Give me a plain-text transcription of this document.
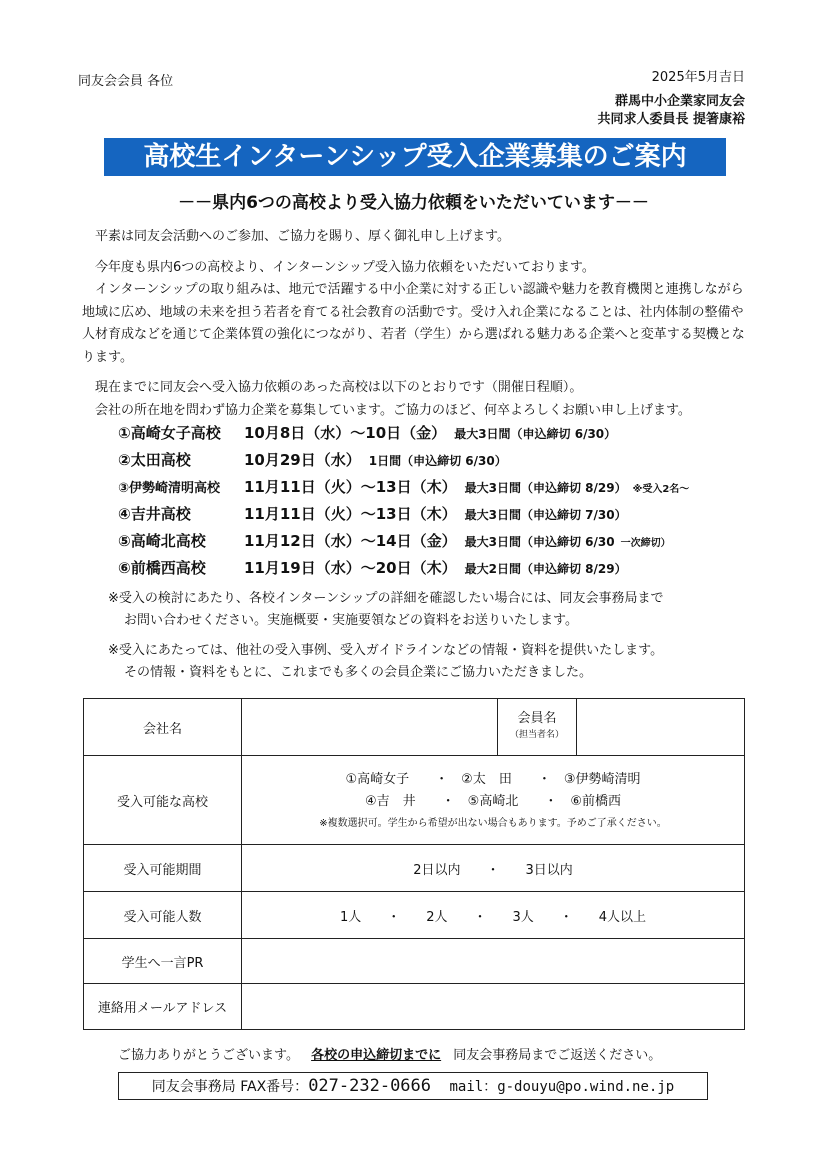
同友会会員 各位	2025年5月吉日
群馬中小企業家同友会
共同求人委員長 提箸康裕
高校生インターンシップ受入企業募集のご案内
－－県内6つの高校より受入協力依頼をいただいています－－

平素は同友会活動へのご参加、ご協力を賜り、厚く御礼申し上げます。

今年度も県内6つの高校より、インターンシップ受入協力依頼をいただいております。

インターンシップの取り組みは、地元で活躍する中小企業に対する正しい認識や魅力を教育機関と連携しながら地域に広め、地域の未来を担う若者を育てる社会教育の活動です。受け入れ企業になることは、社内体制の整備や人材育成などを通じて企業体質の強化につながり、若者（学生）から選ばれる魅力ある企業へと変革する契機となります。

現在までに同友会へ受入協力依頼のあった高校は以下のとおりです（開催日程順）。

会社の所在地を問わず協力企業を募集しています。ご協力のほど、何卒よろしくお願い申し上げます。

①高崎女子高校 10月8日（水）～10日（金） 最大3日間（申込締切 6/30）
②太田高校	10月29日（水） 1日間（申込締切 6/30）
③伊勢崎清明高校 11月11日（火）～13日（木） 最大3日間（申込締切 8/29） ※受入2名～
④吉井高校	11月11日（火）～13日（木） 最大3日間（申込締切 7/30）
⑤高崎北高校	11月12日（水）～14日（金） 最大3日間（申込締切 6/30 一次締切）
⑥前橋西高校	11月19日（水）～20日（木） 最大2日間（申込締切 8/29）
※受入の検討にあたり、各校インターンシップの詳細を確認したい場合には、同友会事務局まで
お問い合わせください。実施概要・実施要領などの資料をお送りいたします。
※受入にあたっては、他社の受入事例、受入ガイドラインなどの情報・資料を提供いたします。
その情報・資料をもとに、これまでも多くの会員企業にご協力いただきました。
会社名		会員名
（担当者名）	

受入可能な高校	①高崎女子　　・　②太　田　　・　③伊勢崎清明
④吉　井　　・　⑤高崎北　　・　⑥前橋西
※複数選択可。学生から希望が出ない場合もあります。予めご了承ください。		

受入可能期間	2日以内　　・　　3日以内		
受入可能人数	1人　　・　　2人　　・　　3人　　・　　4人以上		
学生へ一言PR			
連絡用メールアドレス			
ご協力ありがとうございます。 各校の申込締切までに 同友会事務局までご返送ください。
同友会事務局 FAX番号：027-232-0666 mail：g-douyu@po.wind.ne.jp
